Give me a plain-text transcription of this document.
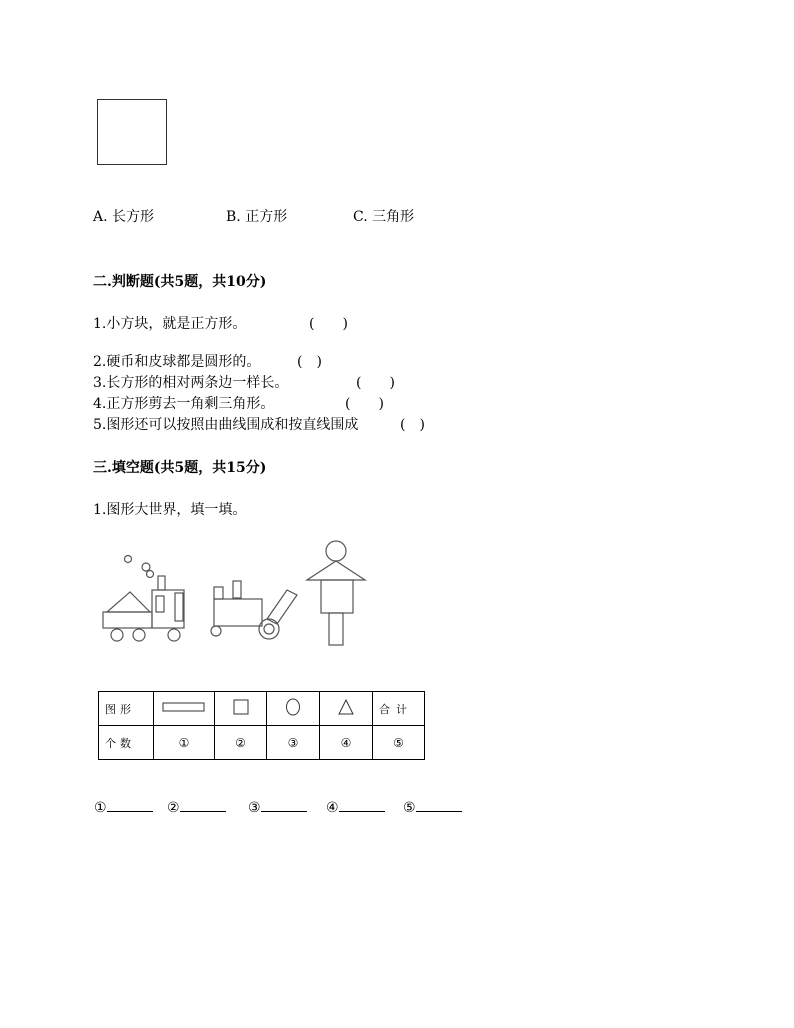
A. 长方形	B. 正方形	C. 三角形
二.判断题(共5题，共10分)
1.小方块，就是正方形。	(　　)
2.硬币和皮球都是圆形的。	(　)
3.长方形的相对两条边一样长。	(　　)
4.正方形剪去一角剩三角形。	(　　)
5.图形还可以按照由曲线围成和按直线围成	(　)
三.填空题(共5题，共15分)
1.图形大世界，填一填。
图形					合计
个数	①	②	③	④	⑤
①	②	③	④	⑤
